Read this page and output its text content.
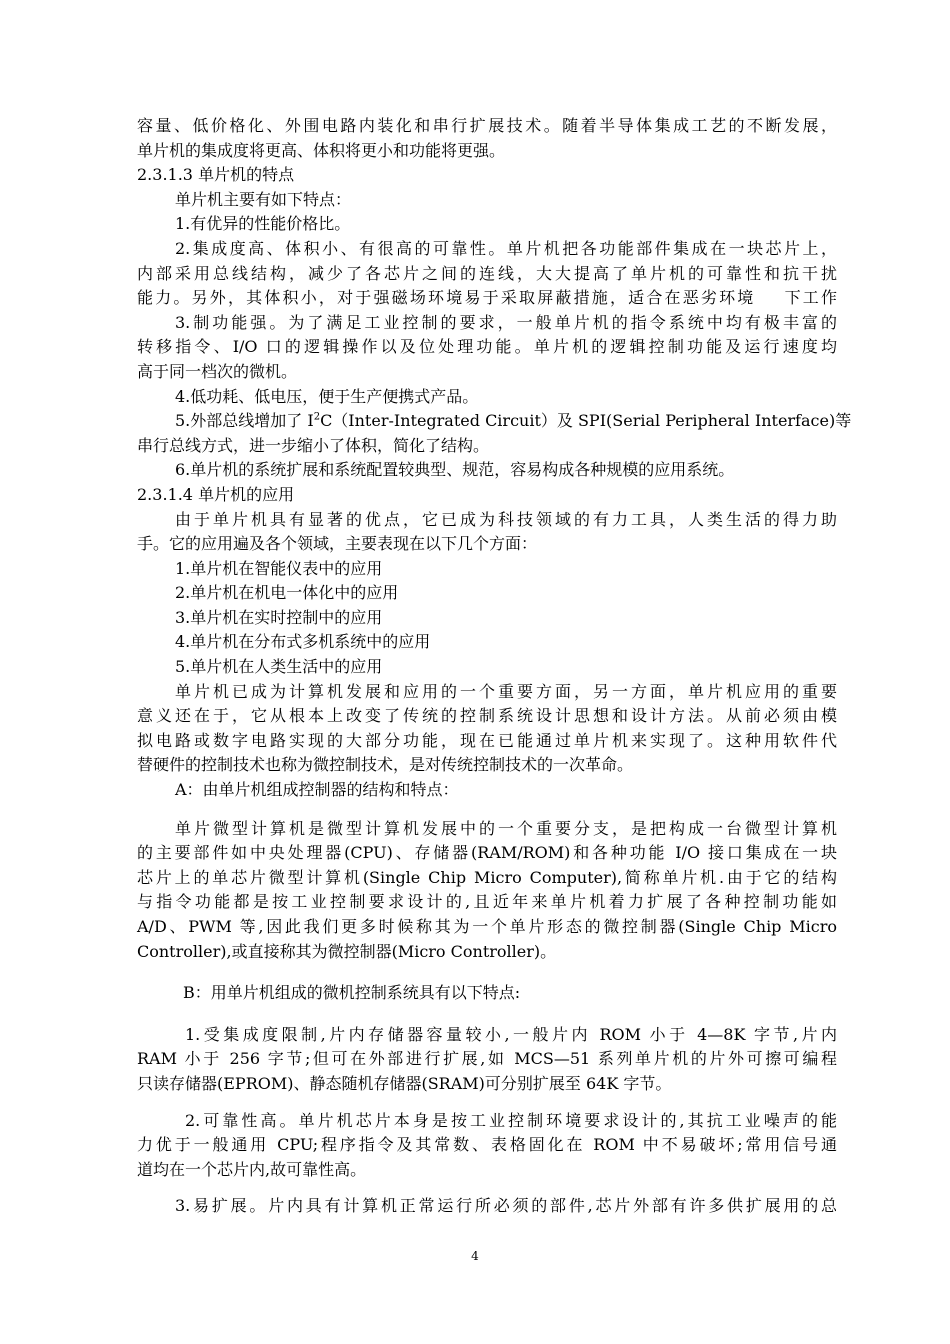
容量、低价格化、外围电路内装化和串行扩展技术。随着半导体集成工艺的不断发展，
单片机的集成度将更高、体积将更小和功能将更强。

2.3.1.3 单片机的特点

单片机主要有如下特点：

1.有优异的性能价格比。

2.集成度高、体积小、有很高的可靠性。单片机把各功能部件集成在一块芯片上，
内部采用总线结构，减少了各芯片之间的连线，大大提高了单片机的可靠性和抗干扰
能力。另外，其体积小，对于强磁场环境易于采取屏蔽措施，适合在恶劣环境    下工作

3.制功能强。为了满足工业控制的要求，一般单片机的指令系统中均有极丰富的
转移指令、I/O 口的逻辑操作以及位处理功能。单片机的逻辑控制功能及运行速度均
高于同一档次的微机。

4.低功耗、低电压，便于生产便携式产品。

5.外部总线增加了 $I^2C(Inter$-Integrated Circuit）及 SPI(Serial Peripheral Interface)等
串行总线方式，进一步缩小了体积，简化了结构。

6.单片机的系统扩展和系统配置较典型、规范，容易构成各种规模的应用系统。

2.3.1.4 单片机的应用

由于单片机具有显著的优点，它已成为科技领域的有力工具，人类生活的得力助
手。它的应用遍及各个领域，主要表现在以下几个方面：

1.单片机在智能仪表中的应用

2.单片机在机电一体化中的应用

3.单片机在实时控制中的应用

4.单片机在分布式多机系统中的应用

5.单片机在人类生活中的应用

单片机已成为计算机发展和应用的一个重要方面，另一方面，单片机应用的重要
意义还在于，它从根本上改变了传统的控制系统设计思想和设计方法。从前必须由模
拟电路或数字电路实现的大部分功能，现在已能通过单片机来实现了。这种用软件代
替硬件的控制技术也称为微控制技术，是对传统控制技术的一次革命。

A：由单片机组成控制器的结构和特点：

单片微型计算机是微型计算机发展中的一个重要分支，是把构成一台微型计算机
的主要部件如中央处理器(CPU)、存储器(RAM/ROM)和各种功能 I/O 接口集成在一块
芯片上的单芯片微型计算机(Single Chip Micro Computer),简称单片机.由于它的结构
与指令功能都是按工业控制要求设计的,且近年来单片机着力扩展了各种控制功能如
A/D、PWM 等,因此我们更多时候称其为一个单片形态的微控制器(Single Chip Micro
Controller),或直接称其为微控制器(Micro Controller)。

B：用单片机组成的微机控制系统具有以下特点:

1.受集成度限制,片内存储器容量较小,一般片内 ROM 小于 4—8K 字节,片内
RAM 小于 256 字节;但可在外部进行扩展,如 MCS—51 系列单片机的片外可擦可编程
只读存储器(EPROM)、静态随机存储器(SRAM)可分别扩展至 64K 字节。

2.可靠性高。单片机芯片本身是按工业控制环境要求设计的,其抗工业噪声的能
力优于一般通用 CPU;程序指令及其常数、表格固化在 ROM 中不易破坏;常用信号通
道均在一个芯片内,故可靠性高。

3.易扩展。片内具有计算机正常运行所必须的部件,芯片外部有许多供扩展用的总

4
